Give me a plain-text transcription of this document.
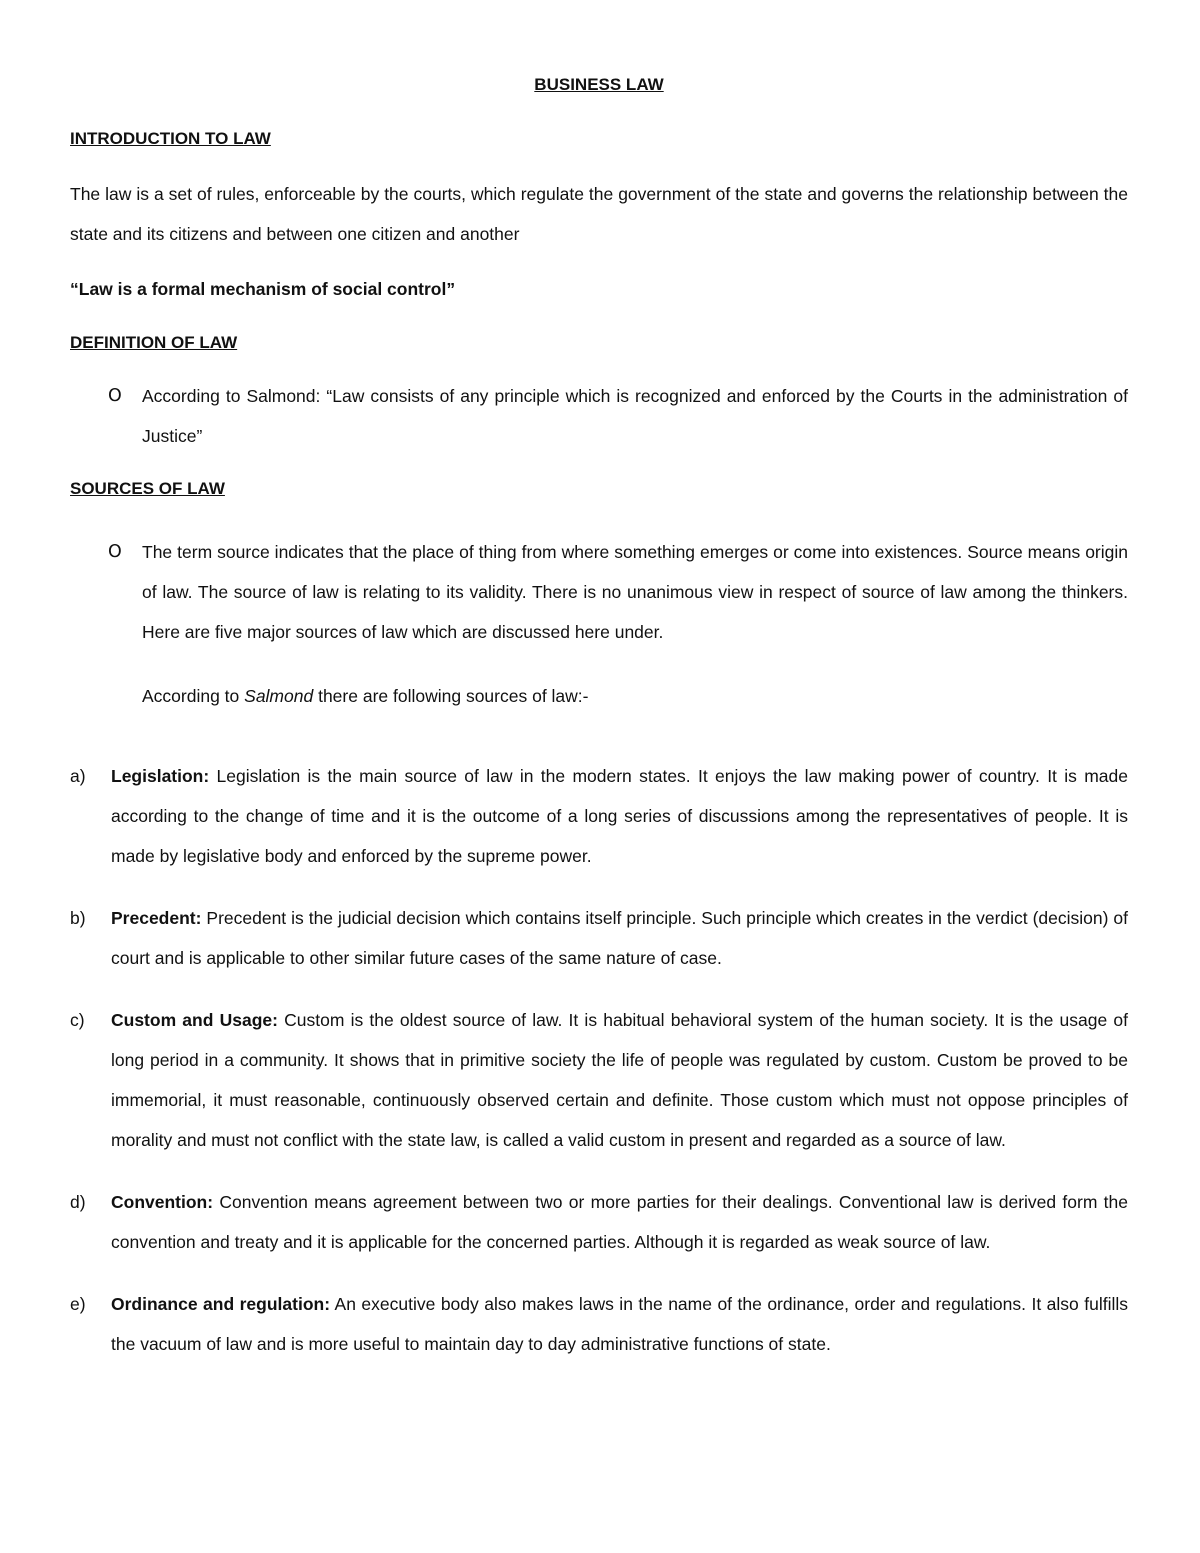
BUSINESS LAW

INTRODUCTION TO LAW

The law is a set of rules, enforceable by the courts, which regulate the government of the state and governs the relationship between the state and its citizens and between one citizen and another

“Law is a formal mechanism of social control”

DEFINITION OF LAW

O	According to Salmond: “Law consists of any principle which is recognized and enforced by the Courts in the administration of Justice”

SOURCES OF LAW

O	The term source indicates that the place of thing from where something emerges or come into existences. Source means origin of law. The source of law is relating to its validity. There is no unanimous view in respect of source of law among the thinkers. Here are five major sources of law which are discussed here under.

According to Salmond there are following sources of law:-

a)	Legislation: Legislation is the main source of law in the modern states. It enjoys the law making power of country. It is made according to the change of time and it is the outcome of a long series of discussions among the representatives of people. It is made by legislative body and enforced by the supreme power.
b)	Precedent: Precedent is the judicial decision which contains itself principle. Such principle which creates in the verdict (decision) of court and is applicable to other similar future cases of the same nature of case.
c)	Custom and Usage: Custom is the oldest source of law. It is habitual behavioral system of the human society. It is the usage of long period in a community. It shows that in primitive society the life of people was regulated by custom. Custom be proved to be immemorial, it must reasonable, continuously observed certain and definite. Those custom which must not oppose principles of morality and must not conflict with the state law, is called a valid custom in present and regarded as a source of law.
d)	Convention: Convention means agreement between two or more parties for their dealings. Conventional law is derived form the convention and treaty and it is applicable for the concerned parties. Although it is regarded as weak source of law.
e)	Ordinance and regulation: An executive body also makes laws in the name of the ordinance, order and regulations. It also fulfills the vacuum of law and is more useful to maintain day to day administrative functions of state.
